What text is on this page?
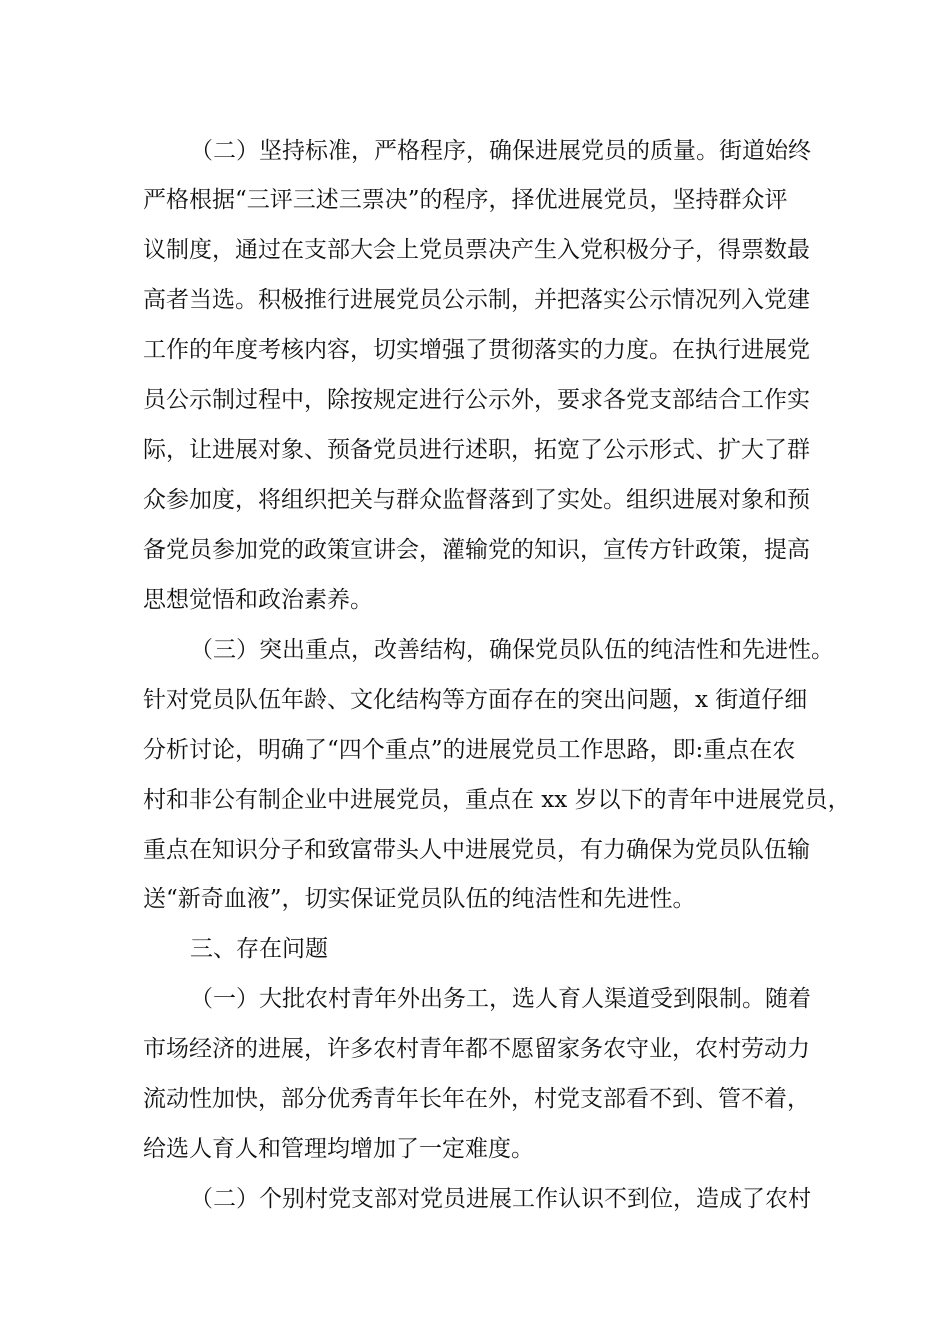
（二）坚持标准，严格程序，确保进展党员的质量。街道始终
严格根据“三评三述三票决”的程序，择优进展党员，坚持群众评
议制度，通过在支部大会上党员票决产生入党积极分子，得票数最
高者当选。积极推行进展党员公示制，并把落实公示情况列入党建
工作的年度考核内容，切实增强了贯彻落实的力度。在执行进展党
员公示制过程中，除按规定进行公示外，要求各党支部结合工作实
际，让进展对象、预备党员进行述职，拓宽了公示形式、扩大了群
众参加度，将组织把关与群众监督落到了实处。组织进展对象和预
备党员参加党的政策宣讲会，灌输党的知识，宣传方针政策，提高
思想觉悟和政治素养。
（三）突出重点，改善结构，确保党员队伍的纯洁性和先进性。
针对党员队伍年龄、文化结构等方面存在的突出问题，x 街道仔细
分析讨论，明确了“四个重点”的进展党员工作思路，即:重点在农
村和非公有制企业中进展党员，重点在 xx 岁以下的青年中进展党员，
重点在知识分子和致富带头人中进展党员，有力确保为党员队伍输
送“新奇血液”，切实保证党员队伍的纯洁性和先进性。
三、存在问题
（一）大批农村青年外出务工，选人育人渠道受到限制。随着
市场经济的进展，许多农村青年都不愿留家务农守业，农村劳动力
流动性加快，部分优秀青年长年在外，村党支部看不到、管不着，
给选人育人和管理均增加了一定难度。
（二）个别村党支部对党员进展工作认识不到位，造成了农村
